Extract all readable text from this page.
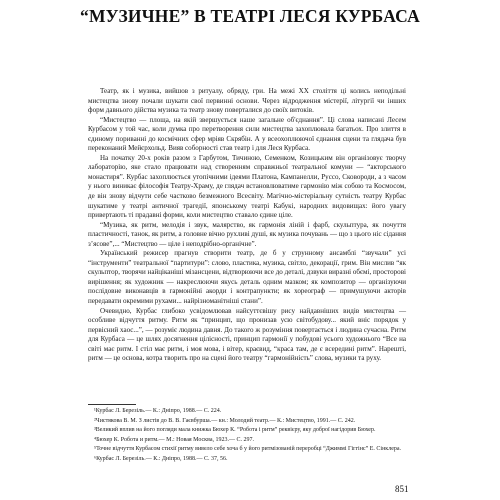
“МУЗИЧНЕ” В ТЕАТРІ ЛЕСЯ КУРБАСА

Театр, як і музика, вийшов з ритуалу, обряду, гри. На межі XX століття ці колись неподільні мистецтва знову почали шукати свої первинні основи. Через відродження містерії, літургії чи інших форм давнього дійства музика та театр знову поверталися до своїх витоків.

“Мистецтво — площа, на якій звершується наше загальне об'єднання”. Ці слова написані Лесем Курбасом у той час, коли думка про перетворення сили мистецтва захоплювала багатьох. Про злиття в єдиному пориванні до космічних сфер мріяв Скрябін. А у всеохоплюючої єднання сцени та глядача був переконаний Мейєрхольд. Вияв соборності став театр і для Леся Курбаса.

На початку 20-х років разом з Гарбутом, Тичиною, Семенком, Козицьким він організовує творчу лабораторію, яке стало працювати над створенням справжньої театральної комуни — “акторського монастиря”. Курбас захоплюється утопічними ідеями Платона, Кампанелли, Руссо, Сковороди, а з часом у нього виникає філософія Театру-Храму, де глядач встановлюватиме гармонію між собою та Космосом, де він знову відчути себе частково безмежного Всесвіту. Магічно-містеріальну сутність театру Курбас шукатиме у театрі античної трагедії, японському театрі Кабукі, народних видовищах: його увагу привертають ті прадавні форми, коли мистецтво ставало єдине ціле.

“Музика, як ритм, мелодія і звук, малярство, як гармонія ліній і фарб, скульптура, як почуття пластичності, танок, як ритм, а головне вічно рухливі душі, як музика почувань — що з цього ніс сідання з’ясове”,... “Мистецтво — ціле і неподрібно-органічне”.

Український режисер прагнув створити театр, де б у струнному ансамблі “звучали” усі “інструменти” театральної “партитури”: слово, пластика, музика, світло, декорації, грим. Він мислив “як скульптор, творячи найціканіші мізансцени, відтворюючи все до деталі, дзвуки виразні обємі, просторові вирішення; як художник — накреслюючи якусь деталь одним мазком; як композитор — організуючи послідовне виконавців в гармонійні акорди і контрапункти; як хореограф — примушуючи акторів передавати окремими рухами... найрізноманітніші стани”.

Очевидно, Курбас глибоко усвідомлював найсуттєвішу рису найдавніших видів мистецтва — особливе відчуття ритму. Ритм як “принцип, що пронизав усю світобудову... який вніс порядок у первісний хаос...”, — розуміє людина давня. До такого ж розуміння повертається і людина сучасна. Ритм для Курбаса — це шлях досягнення цілісності, принцип гармонії у побудові усього художнього “Все на світі має ритм. І стіл має ритм, і моя мова, і вітер, краєвид, “краса там, де є всередині ритм”. Нарешті, ритм — це основа, котра творить про на сцені його театру “гармонійність” слова, музики та руху.

¹Курбас Л. Березіль.— К.: Дніпро, 1988.— С. 224.
²Чистякова В. М. З листів до В. В. Гаєвбурша.— кн.: Молодий театр.— К.: Мистецтво, 1991.— С. 242.
³Великий вплив на його погляди мала книжка Бюхер К. “Робота і ритм” реквієру, яку доброї нагідорив Бюхер.
⁴Бюхер К. Робота и ритм.— М.: Новая Москва, 1923.— С. 297.
⁵Точне відчуття Курбасом стихії ритму вивело себе хоча б у його ритмізованій переробці “Джиммі Гіггінс” Е. Сінклера.
⁶Курбас Л. Березіль.— К.: Дніпро, 1988.— С. 37, 56.
851
